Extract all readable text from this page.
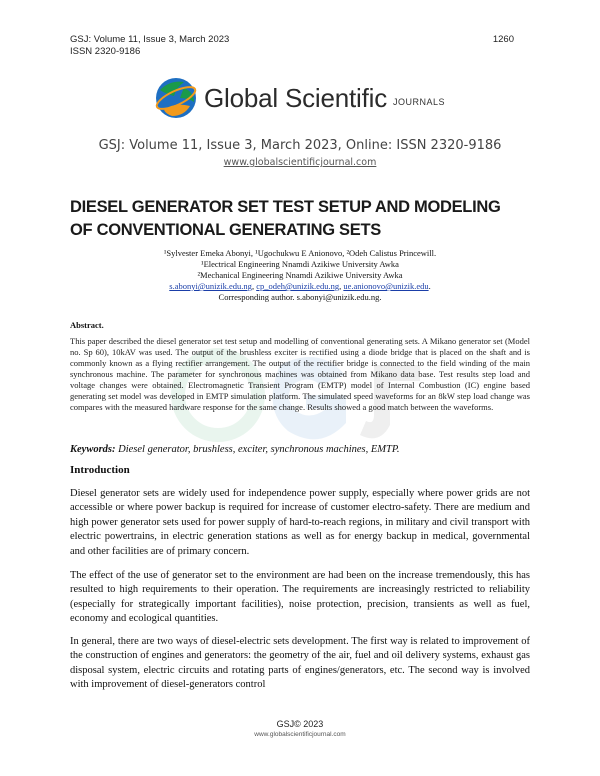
GSJ: Volume 11, Issue 3, March 2023
ISSN 2320-9186
1260
Global Scientific JOURNALS
GSJ: Volume 11, Issue 3, March 2023, Online: ISSN 2320-9186
www.globalscientificjournal.com
DIESEL GENERATOR SET TEST SETUP AND MODELING
OF CONVENTIONAL GENERATING SETS
¹Sylvester Emeka Abonyi, ¹Ugochukwu E Anionovo, ²Odeh Calistus Princewill.
¹Electrical Engineering Nnamdi Azikiwe University Awka
²Mechanical Engineering Nnamdi Azikiwe University Awka
s.abonyi@unizik.edu.ng, cp_odeh@unizik.edu.ng, ue.anionovo@unizik.edu.
Corresponding author. s.abonyi@unizik.edu.ng.
Abstract.
This paper described the diesel generator set test setup and modelling of conventional generating sets. A Mikano generator set (Model no. Sp 60), 10kAV was used. The output of the brushless exciter is rectified using a diode bridge that is placed on the shaft and is commonly known as a flying rectifier arrangement. The output of the rectifier bridge is connected to the field winding of the main synchronous machine. The parameter for synchronous machines was obtained from Mikano data base. Test results step load and voltage changes were obtained. Electromagnetic Transient Program (EMTP) model of Internal Combustion (IC) engine based generating set model was developed in EMTP simulation platform. The simulated speed waveforms for an 8kW step load change was compares with the measured hardware response for the same change. Results showed a good match between the waveforms.
Keywords: Diesel generator, brushless, exciter, synchronous machines, EMTP.
Introduction
Diesel generator sets are widely used for independence power supply, especially where power grids are not accessible or where power backup is required for increase of customer electro-safety. There are medium and high power generator sets used for power supply of hard-to-reach regions, in military and civil transport with electric powertrains, in electric generation stations as well as for energy backup in medical, governmental and other facilities are of primary concern.
The effect of the use of generator set to the environment are had been on the increase tremendously, this has resulted to high requirements to their operation. The requirements are increasingly restricted to reliability (especially for strategically important facilities), noise protection, precision, transients as well as fuel, economy and ecological quantities.
In general, there are two ways of diesel-electric sets development. The first way is related to improvement of the construction of engines and generators: the geometry of the air, fuel and oil delivery systems, exhaust gas disposal system, electric circuits and rotating parts of engines/generators, etc. The second way is involved with improvement of diesel-generators control
GSJ© 2023
www.globalscientificjournal.com
